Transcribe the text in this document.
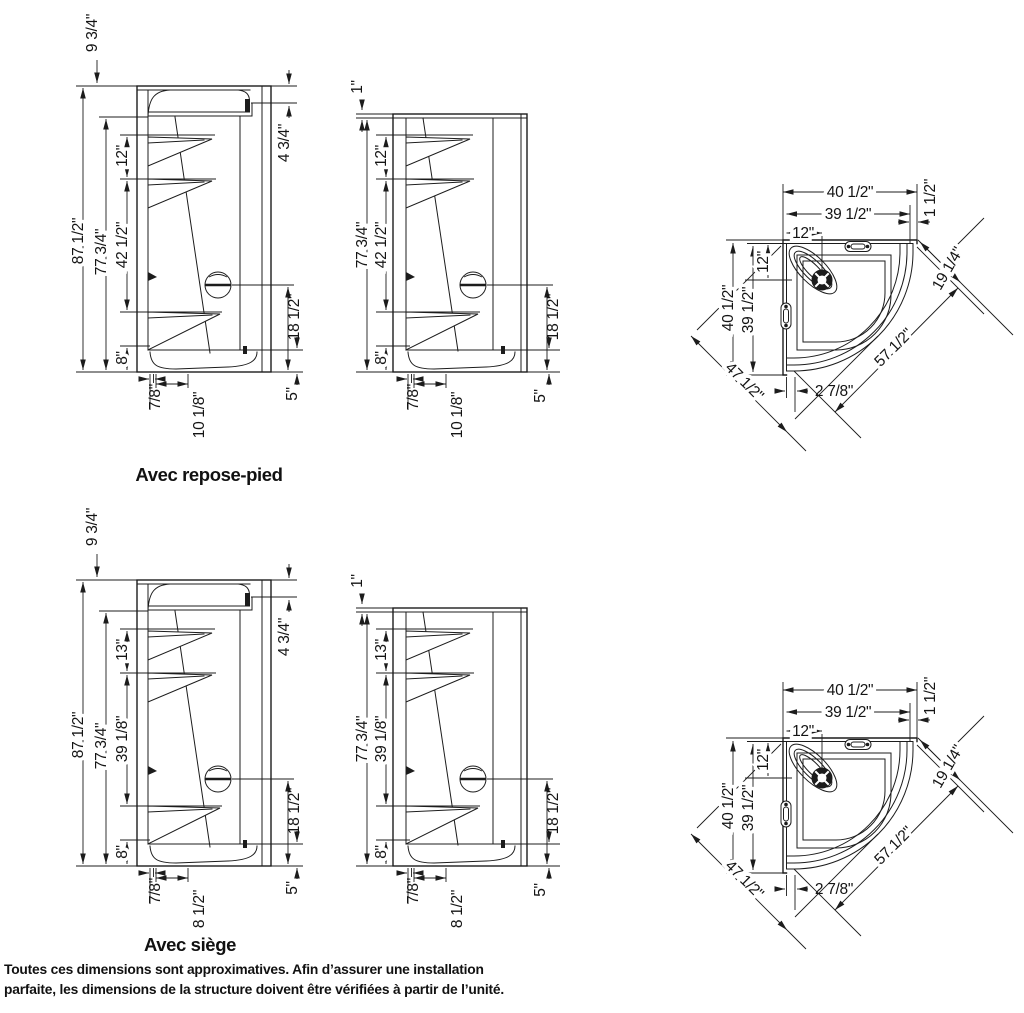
9 3/4"
4 3/4"
12"
87 1/2" 77 3/4" 42 1/2"
18 1/2"
8"
7/8" 10 1/8"	5"
1"
12"
77 3/4" 42 1/2"
18 1/2"
8"
7/8" 10 1/8"	5"
40 1/2"
39 1/2"
12"
1 1/2"
40 1/2" 39 1/2"
12"
57 1/2"
47 1/2"
19 1/4"
2 7/8"
9 3/4"
4 3/4"
13"
87 1/2" 77 3/4" 39 1/8"
18 1/2"
8"
7/8" 8 1/2"
5"
1"
13"
77 3/4" 39 1/8"
18 1/2"
8"
7/8" 8 1/2"	5"
40 1/2"
39 1/2"
12"
1 1/2"
40 1/2" 39 1/2"
12"
57 1/2"
47 1/2"
19 1/4"
2 7/8"
Avec repose-pied
Avec siège
Toutes ces dimensions sont approximatives. Afin d’assurer une installation
parfaite, les dimensions de la structure doivent être vérifiées à partir de l’unité.
